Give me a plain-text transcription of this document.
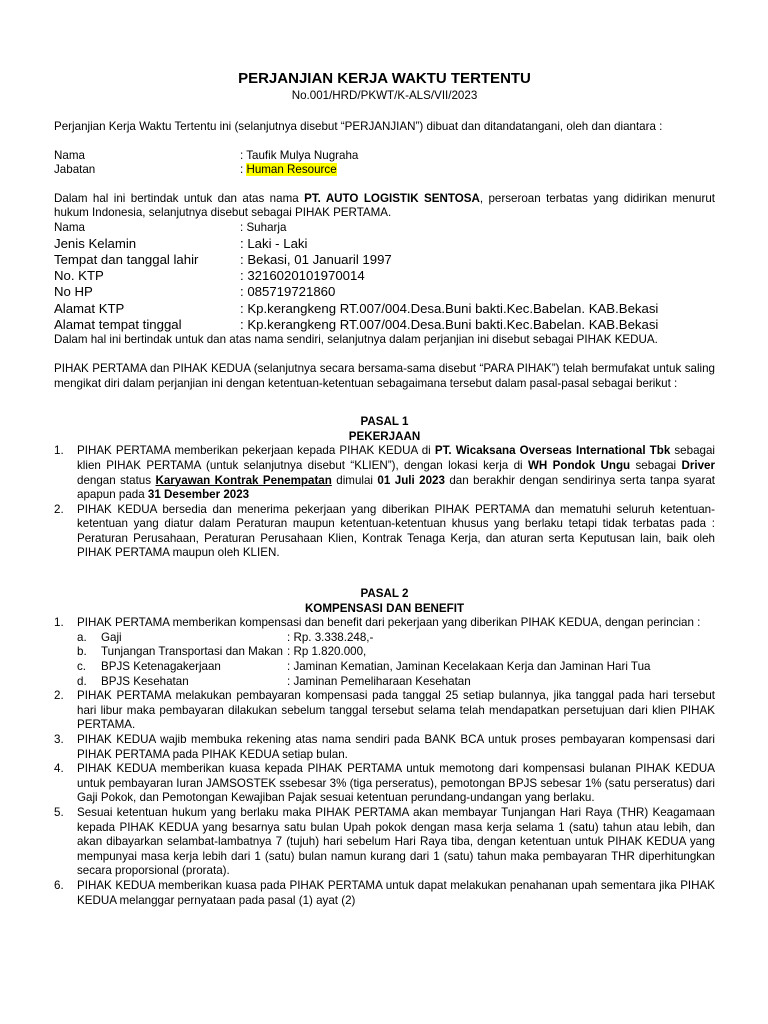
PERJANJIAN KERJA WAKTU TERTENTU

No.001/HRD/PKWT/K-ALS/VII/2023

Perjanjian Kerja Waktu Tertentu ini (selanjutnya disebut “PERJANJIAN”) dibuat dan ditandatangani, oleh dan diantara :

Nama	: Taufik Mulya Nugraha
Jabatan	: Human Resource

Dalam hal ini bertindak untuk dan atas nama PT. AUTO LOGISTIK SENTOSA, perseroan terbatas yang didirikan menurut hukum Indonesia, selanjutnya disebut sebagai PIHAK PERTAMA.

Nama	: Suharja
Jenis Kelamin	: Laki - Laki
Tempat dan tanggal lahir	: Bekasi, 01 Januaril 1997
No. KTP	: 3216020101970014
No HP	: 085719721860
Alamat KTP	: Kp.kerangkeng RT.007/004.Desa.Buni bakti.Kec.Babelan. KAB.Bekasi
Alamat tempat tinggal	: Kp.kerangkeng RT.007/004.Desa.Buni bakti.Kec.Babelan. KAB.Bekasi

Dalam hal ini bertindak untuk dan atas nama sendiri, selanjutnya dalam perjanjian ini disebut sebagai PIHAK KEDUA.

PIHAK PERTAMA dan PIHAK KEDUA (selanjutnya secara bersama-sama disebut “PARA PIHAK”) telah bermufakat untuk saling mengikat diri dalam perjanjian ini dengan ketentuan-ketentuan sebagaimana tersebut dalam pasal-pasal sebagai berikut :

PASAL 1

PEKERJAAN

1.	PIHAK PERTAMA memberikan pekerjaan kepada PIHAK KEDUA di PT. Wicaksana Overseas International Tbk sebagai klien PIHAK PERTAMA (untuk selanjutnya disebut “KLIEN”), dengan lokasi kerja di WH Pondok Ungu sebagai Driver dengan status Karyawan Kontrak Penempatan dimulai 01 Juli 2023 dan berakhir dengan sendirinya serta tanpa syarat apapun pada 31 Desember 2023
2.	PIHAK KEDUA bersedia dan menerima pekerjaan yang diberikan PIHAK PERTAMA dan mematuhi seluruh ketentuan-ketentuan yang diatur dalam Peraturan maupun ketentuan-ketentuan khusus yang berlaku tetapi tidak terbatas pada : Peraturan Perusahaan, Peraturan Perusahaan Klien, Kontrak Tenaga Kerja, dan aturan serta Keputusan lain, baik oleh PIHAK PERTAMA maupun oleh KLIEN.

PASAL 2

KOMPENSASI DAN BENEFIT

1.	PIHAK PERTAMA memberikan kompensasi dan benefit dari pekerjaan yang diberikan PIHAK KEDUA, dengan perincian :
a.	Gaji	: Rp. 3.338.248,-
b.	Tunjangan Transportasi dan Makan : Rp 1.820.000,
c.	BPJS Ketenagakerjaan	: Jaminan Kematian, Jaminan Kecelakaan Kerja dan Jaminan Hari Tua
d.	BPJS Kesehatan	: Jaminan Pemeliharaan Kesehatan
2.	PIHAK PERTAMA melakukan pembayaran kompensasi pada tanggal 25 setiap bulannya, jika tanggal pada hari tersebut hari libur maka pembayaran dilakukan sebelum tanggal tersebut selama telah mendapatkan persetujuan dari klien PIHAK PERTAMA.
3.	PIHAK KEDUA wajib membuka rekening atas nama sendiri pada BANK BCA untuk proses pembayaran kompensasi dari PIHAK PERTAMA pada PIHAK KEDUA setiap bulan.
4.	PIHAK KEDUA memberikan kuasa kepada PIHAK PERTAMA untuk memotong dari kompensasi bulanan PIHAK KEDUA untuk pembayaran Iuran JAMSOSTEK ssebesar 3% (tiga perseratus), pemotongan BPJS sebesar 1% (satu perseratus) dari Gaji Pokok, dan Pemotongan Kewajiban Pajak sesuai ketentuan perundang-undangan yang berlaku.
5.	Sesuai ketentuan hukum yang berlaku maka PIHAK PERTAMA akan membayar Tunjangan Hari Raya (THR) Keagamaan kepada PIHAK KEDUA yang besarnya satu bulan Upah pokok dengan masa kerja selama 1 (satu) tahun atau lebih, dan akan dibayarkan selambat-lambatnya 7 (tujuh) hari sebelum Hari Raya tiba, dengan ketentuan untuk PIHAK KEDUA yang mempunyai masa kerja lebih dari 1 (satu) bulan namun kurang dari 1 (satu) tahun maka pembayaran THR diperhitungkan secara proporsional (prorata).
6.	PIHAK KEDUA memberikan kuasa pada PIHAK PERTAMA untuk dapat melakukan penahanan upah sementara jika PIHAK KEDUA melanggar pernyataan pada pasal (1) ayat (2)
